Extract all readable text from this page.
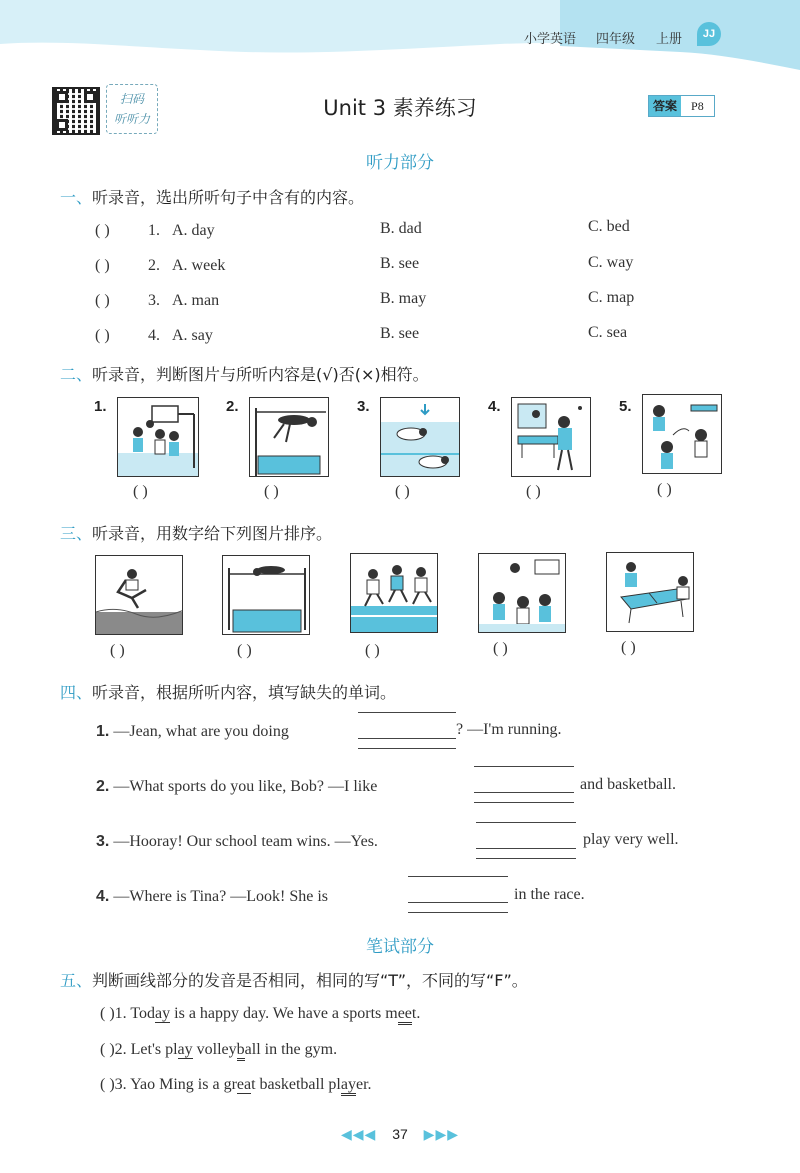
小学英语 四年级 上册	JJ
扫码
听听力	Unit 3 素养练习	答案	P8
听力部分
一、听录音，选出所听句子中含有的内容。
( ) 1. A. day	B. dad	C. bed
( ) 2. A. week	B. see	C. way
( ) 3. A. man	B. may	C. map
( ) 4. A. say	B. see	C. sea
二、听录音，判断图片与所听内容是(√)否(×)相符。
1.
( )
2.
( )
3.
( )
4.
( )
5.
( )
三、听录音，用数字给下列图片排序。
( )	( )	( )	( )	( )
四、听录音，根据所听内容，填写缺失的单词。
1. —Jean, what are you doing	? —I'm running.
2. —What sports do you like, Bob? —I like	and basketball.
3. —Hooray! Our school team wins. —Yes.	play very well.
4. —Where is Tina? —Look! She is	in the race.
笔试部分
五、判断画线部分的发音是否相同，相同的写“T”，不同的写“F”。
( )1. Today is a happy day. We have a sports meet.
( )2. Let's play volleyball in the gym.
( )3. Yao Ming is a great basketball player.
◀◀◀ 37 ▶▶▶
